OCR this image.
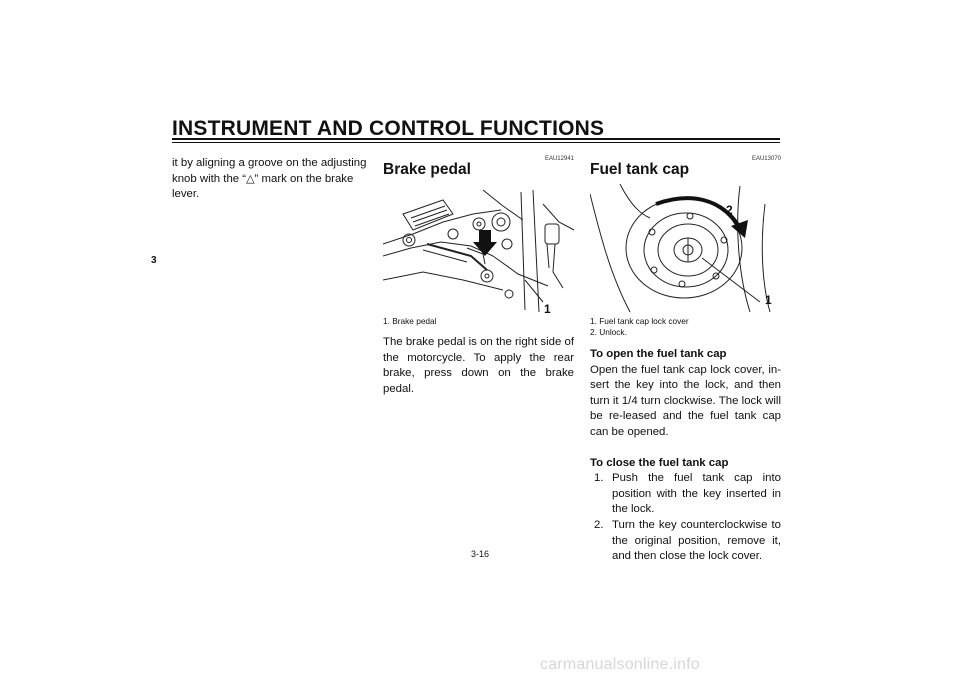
INSTRUMENT AND CONTROL FUNCTIONS
3
it by aligning a groove on the adjusting
knob with the “△” mark on the brake
lever.
EAU12941
Brake pedal
1
1. Brake pedal

The brake pedal is on the right side of the motorcycle. To apply the rear brake, press down on the brake pedal.

EAU13070
Fuel tank cap
2
1
1. Fuel tank cap lock cover
2. Unlock.
To open the fuel tank cap

Open the fuel tank cap lock cover, in-sert the key into the lock, and then turn it 1/4 turn clockwise. The lock will be re-leased and the fuel tank cap can be opened.

To close the fuel tank cap
1. Push the fuel tank cap into position with the key inserted in the lock.
2. Turn the key counterclockwise to the original position, remove it, and then close the lock cover.
3-16
carmanualsonline.info
